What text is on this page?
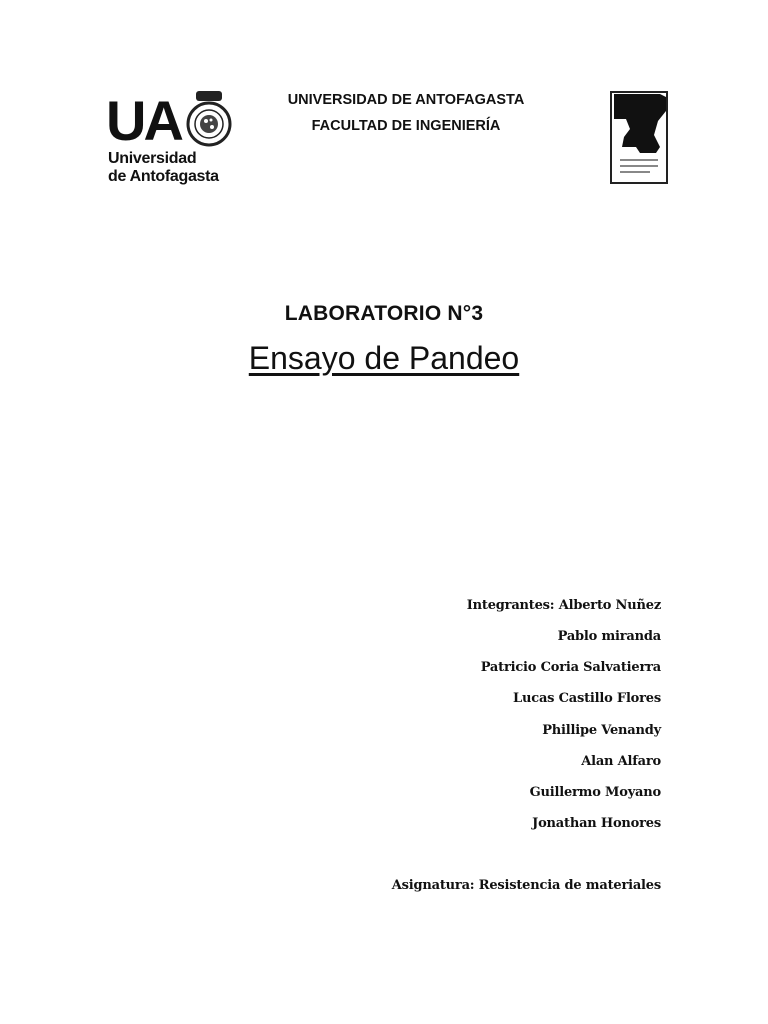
UA
Universidad
de Antofagasta
UNIVERSIDAD DE ANTOFAGASTA
FACULTAD DE INGENIERÍA
LABORATORIO N°3
Ensayo de Pandeo
Integrantes: Alberto Nuñez
Pablo miranda
Patricio Coria Salvatierra
Lucas Castillo Flores
Phillipe Venandy
Alan Alfaro
Guillermo Moyano
Jonathan Honores
Asignatura: Resistencia de materiales
